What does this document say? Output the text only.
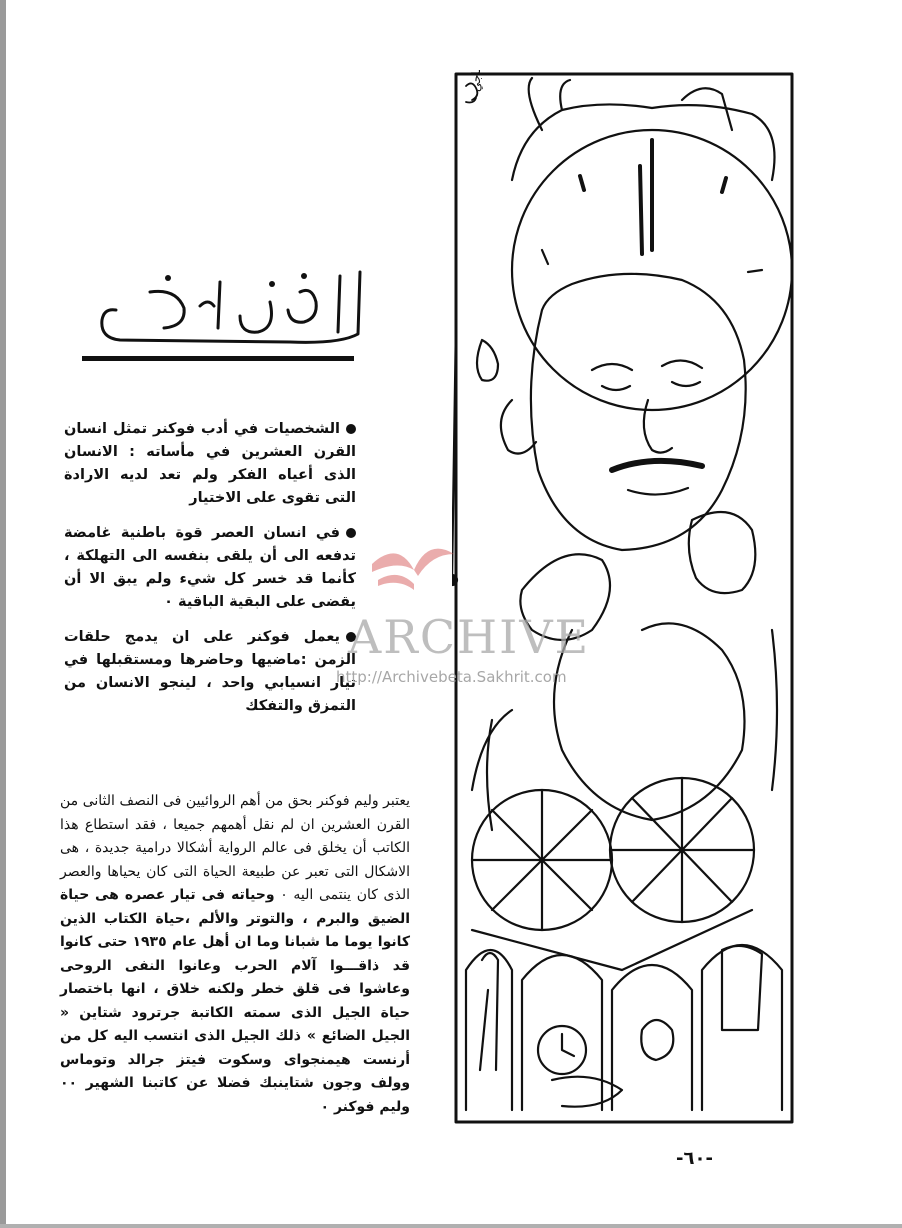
الشخصيات في أدب فوكنر تمثل انسان القرن العشرين في مأساته : الانسان الذى أعياه الفكر ولم تعد لديه الارادة التى تقوى على الاختيار

في انسان العصر قوة باطنية غامضة تدفعه الى أن يلقى بنفسه الى التهلكة ، كأنما قد خسر كل شيء ولم يبق الا أن يقضى على البقية الباقية ٠

يعمل فوكنر على ان يدمج حلقات الزمن :ماضيها وحاضرها ومستقبلها في تيار انسيابي واحد ، لينجو الانسان من التمزق والتفكك

يعتبر وليم فوكنر بحق من أهم الروائيين فى النصف الثانى من القرن العشرين ان لم نقل أهمهم جميعا ، فقد استطاع هذا الكاتب أن يخلق فى عالم الرواية أشكالا درامية جديدة ، هى الاشكال التى تعبر عن طبيعة الحياة التى كان يحياها والعصر الذى كان ينتمى اليه ٠ وحياته فى تيار عصره هى حياة الضيق والبرم ، والتوتر والألم ،حياة الكتاب الذين كانوا يوما ما شبانا وما ان أهل عام ١٩٣٥ حتى كانوا قد ذاقـــوا آلام الحرب وعانوا النفى الروحى وعاشوا فى قلق خطر ولكنه خلاق ، انها باختصار حياة الجيل الذى سمته الكاتبة جرترود شتاين « الجيل الضائع » ذلك الجيل الذى انتسب اليه كل من أرنست هيمنجواى وسكوت فيتز جرالد وتوماس وولف وجون شتاينبك فضلا عن كاتبنا الشهير ٠٠ وليم فوكنر ٠

ناجي
ARCHIVE
http://Archivebeta.Sakhrit.com
-٦٠-
